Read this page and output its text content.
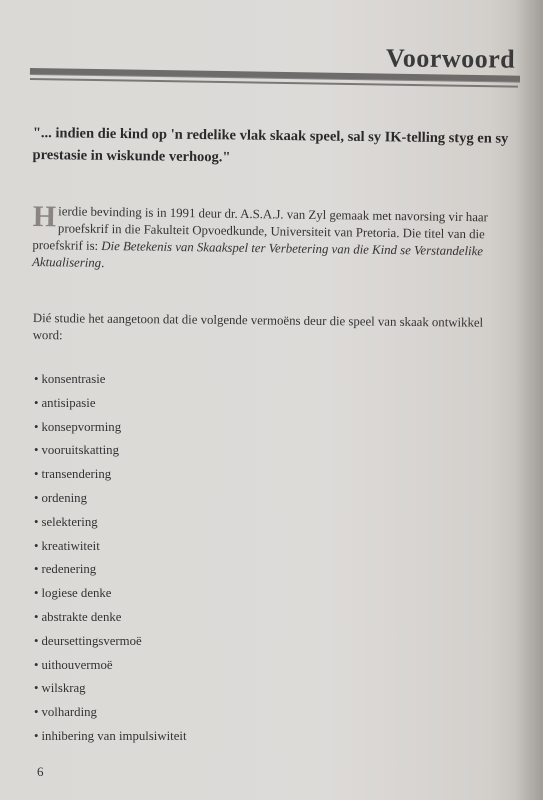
Voorwoord
"... indien die kind op 'n redelike vlak skaak speel, sal sy IK-telling styg en sy prestasie in wiskunde verhoog."
Hierdie bevinding is in 1991 deur dr. A.S.A.J. van Zyl gemaak met navorsing vir haar proefskrif in die Fakulteit Opvoedkunde, Universiteit van Pretoria. Die titel van die proefskrif is: Die Betekenis van Skaakspel ter Verbetering van die Kind se Verstandelike Aktualisering.
Dié studie het aangetoon dat die volgende vermoëns deur die speel van skaak ontwikkel word:
• konsentrasie
• antisipasie
• konsepvorming
• vooruitskatting
• transendering
• ordening
• selektering
• kreatiwiteit
• redenering
• logiese denke
• abstrakte denke
• deursettingsvermoë
• uithouvermoë
• wilskrag
• volharding
• inhibering van impulsiwiteit
6
